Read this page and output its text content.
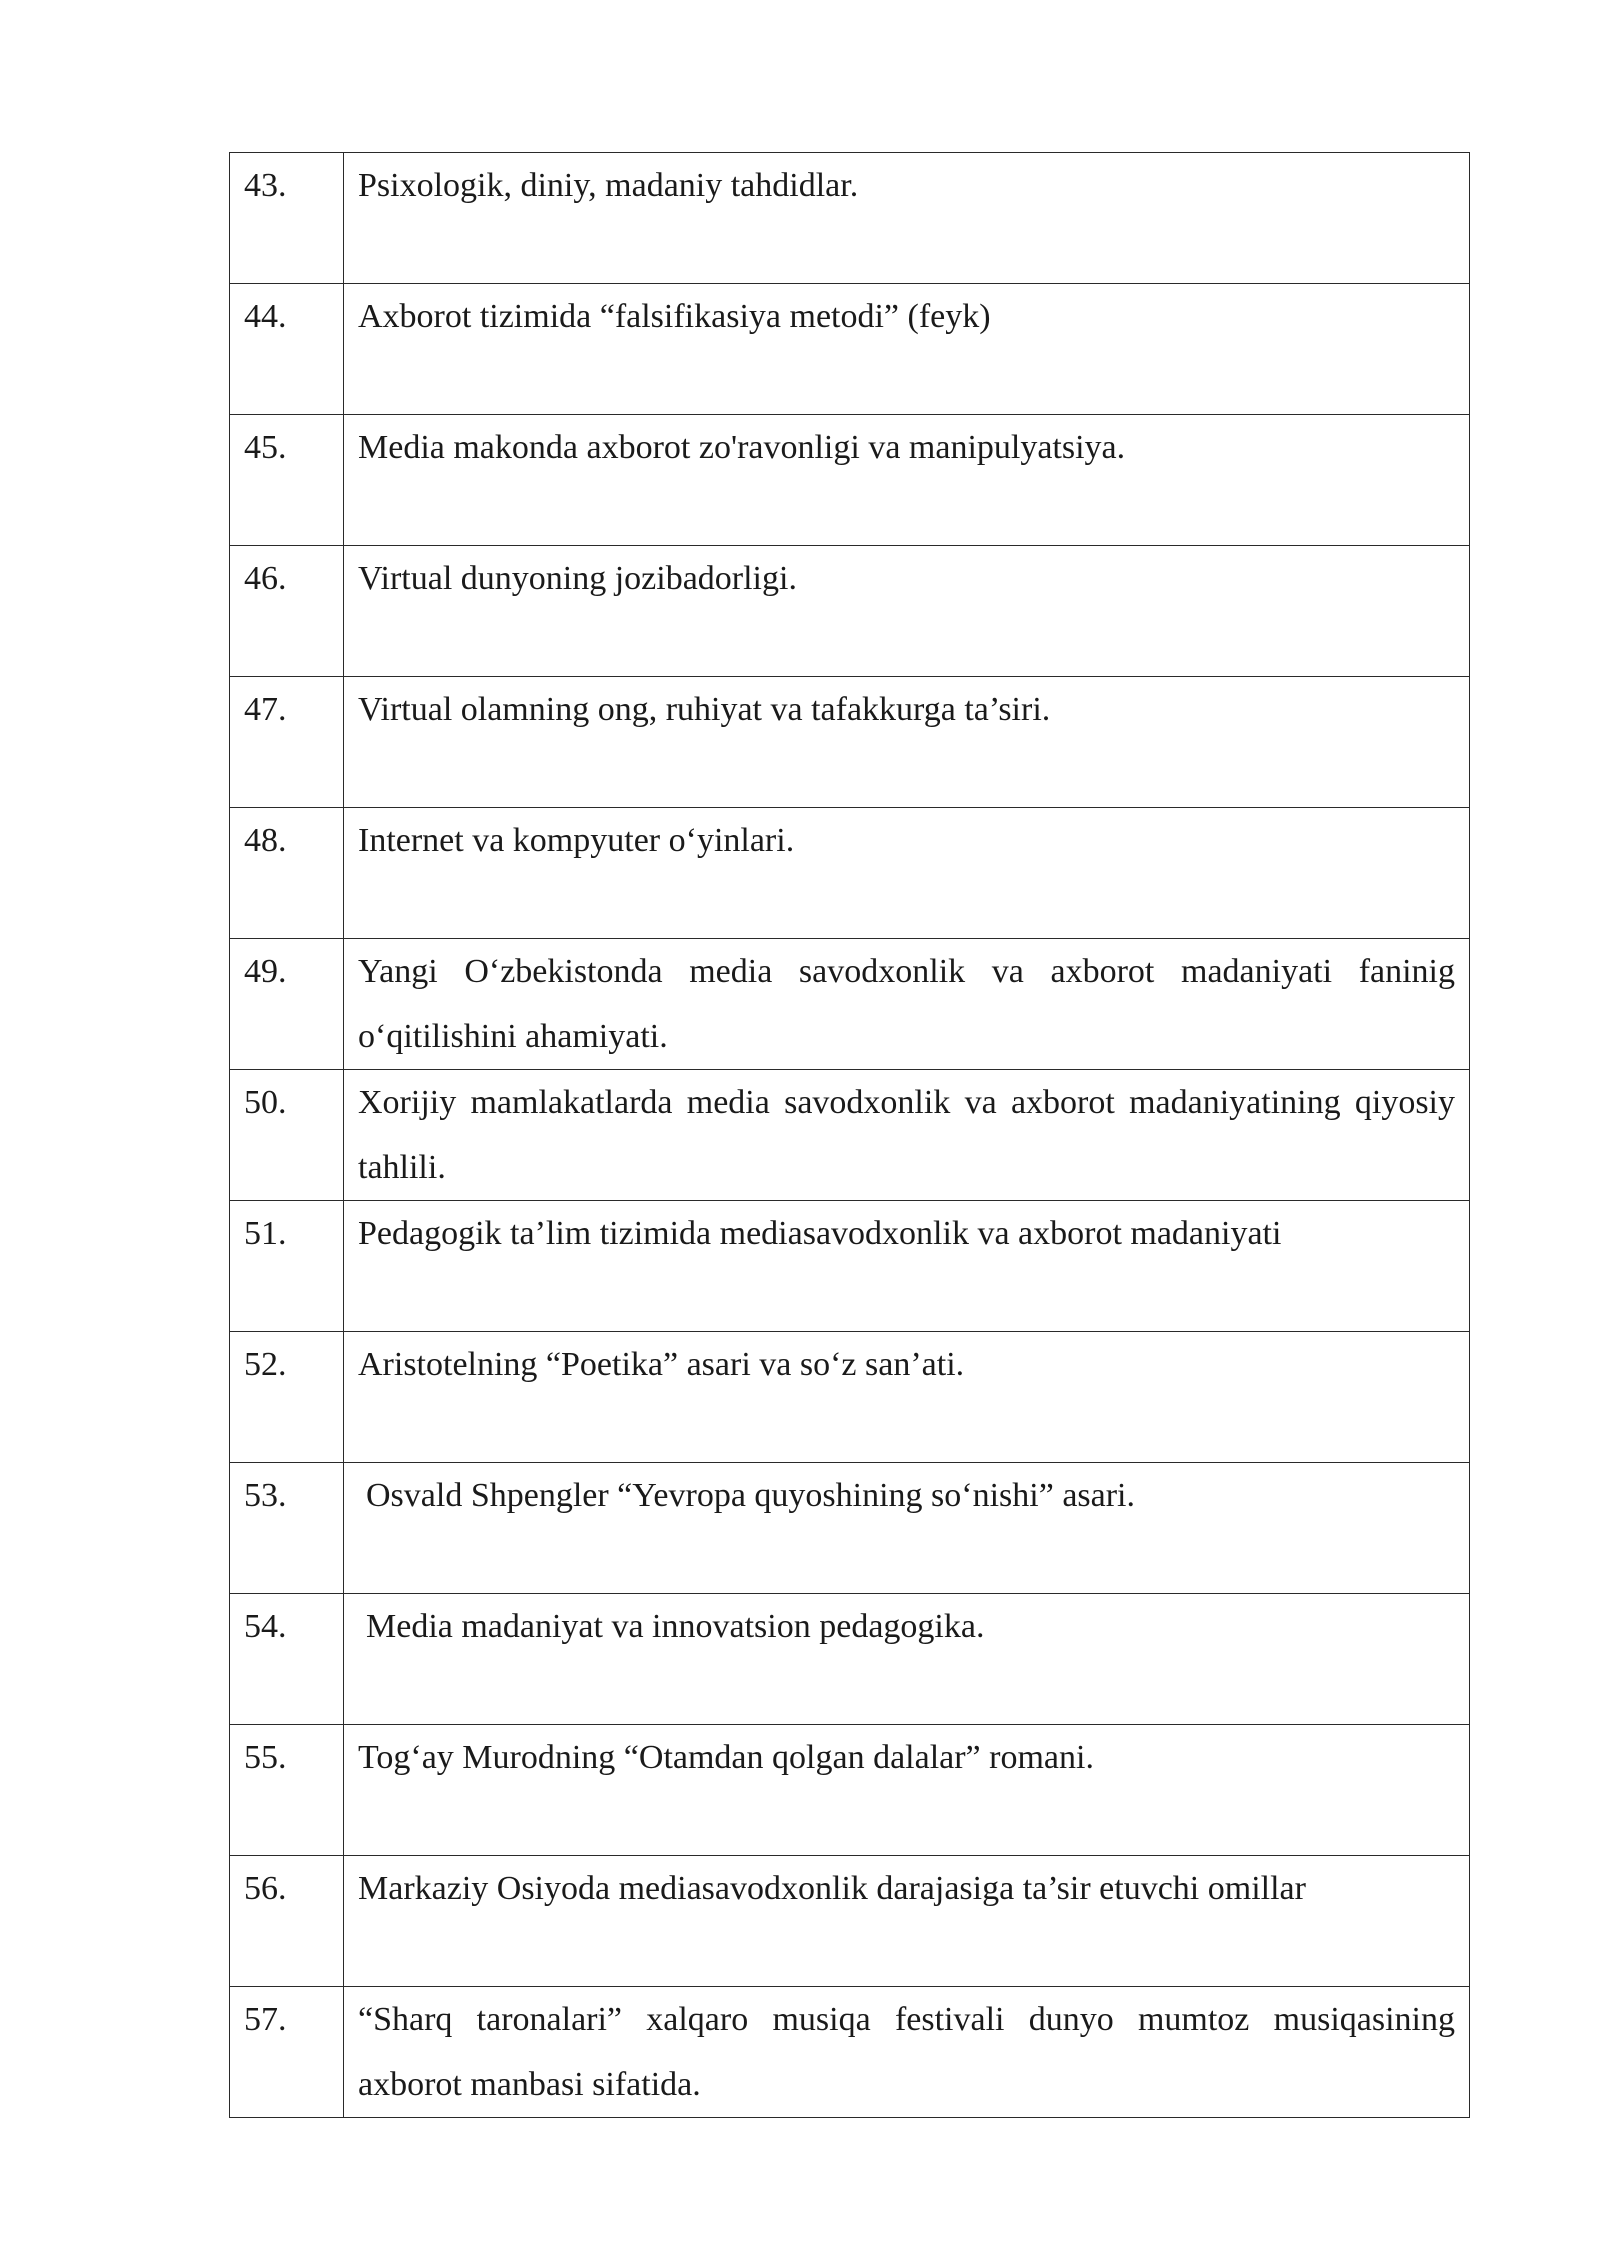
43.	Psixologik, diniy, madaniy tahdidlar.
44.	Axborot tizimida “falsifikasiya metodi” (feyk)
45.	Media makonda axborot zo'ravonligi va manipulyatsiya.
46.	Virtual dunyoning jozibadorligi.
47.	Virtual olamning ong, ruhiyat va tafakkurga ta’siri.
48.	Internet va kompyuter o‘yinlari.
49.	Yangi O‘zbekistonda media savodxonlik va axborot madaniyati faninig o‘qitilishini ahamiyati.
50.	Xorijiy mamlakatlarda media savodxonlik va axborot madaniyatining qiyosiy tahlili.
51.	Pedagogik ta’lim tizimida mediasavodxonlik va axborot madaniyati
52.	Aristotelning “Poetika” asari va so‘z san’ati.
53.	Osvald Shpengler “Yevropa quyoshining so‘nishi” asari.
54.	Media madaniyat va innovatsion pedagogika.
55.	Tog‘ay Murodning “Otamdan qolgan dalalar” romani.
56.	Markaziy Osiyoda mediasavodxonlik darajasiga ta’sir etuvchi omillar
57.	“Sharq taronalari” xalqaro musiqa festivali dunyo mumtoz musiqasining axborot manbasi sifatida.
